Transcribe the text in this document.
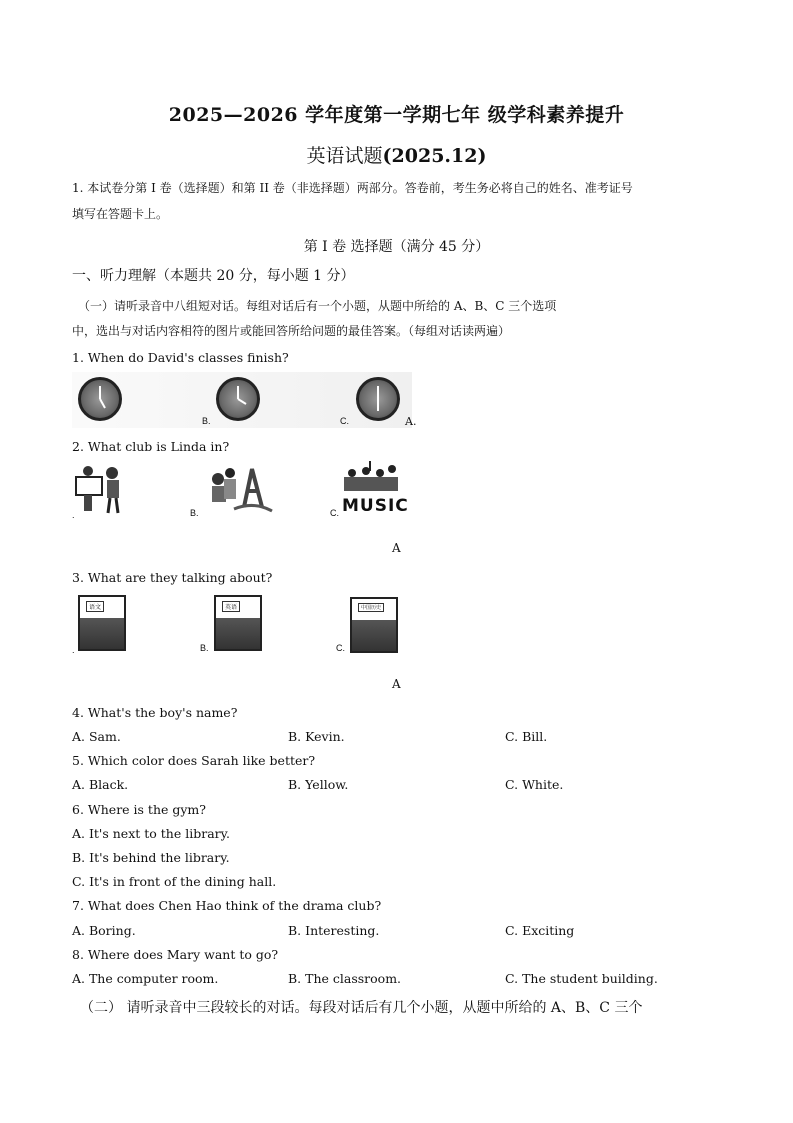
2025—2026 学年度第一学期七年 级学科素养提升
英语试题(2025.12)
1. 本试卷分第 I 卷（选择题）和第 II 卷（非选择题）两部分。答卷前，考生务必将自己的姓名、准考证号
填写在答题卡上。
第 I 卷 选择题（满分 45 分）
一、听力理解（本题共 20 分，每小题 1 分）
（一）请听录音中八组短对话。每组对话后有一个小题，从题中所给的 A、B、C 三个选项
中，选出与对话内容相符的图片或能回答所给问题的最佳答案。（每组对话读两遍）
1. When do David's classes finish?
B.	C.	A.
2. What club is Linda in?
MUSIC
.	B.	C.
A
3. What are they talking about?
语文	英语	中国历史
.	B.	C.
A
4. What's the boy's name?
A. Sam.	B. Kevin.	C. Bill.
5. Which color does Sarah like better?
A. Black.	B. Yellow.	C. White.
6. Where is the gym?
A. It's next to the library.
B. It's behind the library.
C. It's in front of the dining hall.
7. What does Chen Hao think of the drama club?
A. Boring.	B. Interesting.	C. Exciting
8. Where does Mary want to go?
A. The computer room.	B. The classroom.	C. The student building.
（二） 请听录音中三段较长的对话。每段对话后有几个小题，从题中所给的 A、B、C 三个
